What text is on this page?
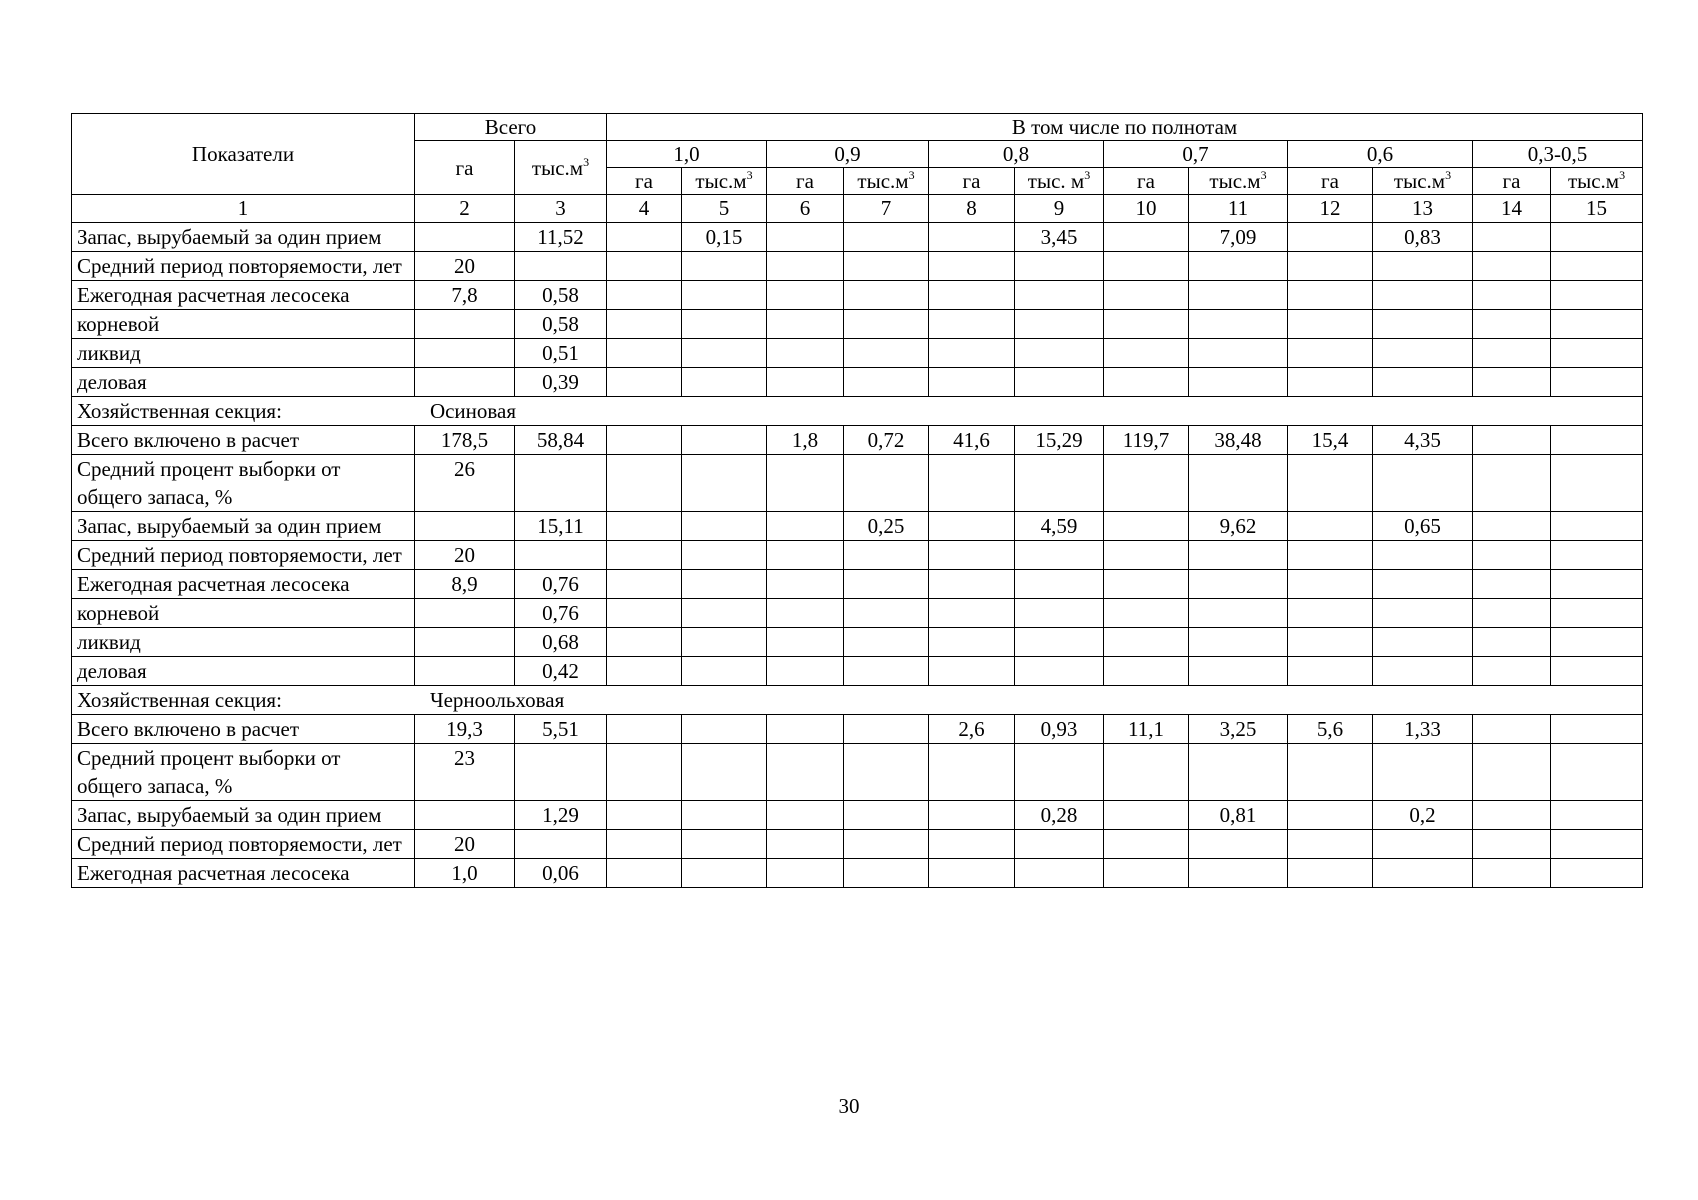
Показатели	Всего		В том числе по полнотам											
	га	$тыс.м^3$	1,0		0,9		0,8		0,7		0,6		0,3-0,5	
			га	$тыс.м^3$	га	$тыс.м^3$	га	тыс. $м^3$	га	$тыс.м^3$	га	$тыс.м^3$	га	$тыс.м^3$
1	2	3	4	5	6	7	8	9	10	11	12	13	14	15
Запас, вырубаемый за один прием		11,52		0,15				3,45		7,09		0,83		
Средний период повторяемости, лет	20													
Ежегодная расчетная лесосека	7,8	0,58												
корневой		0,58												
ликвид		0,51												
деловая		0,39												
Хозяйственная секция: Осиновая														
Всего включено в расчет	178,5	58,84			1,8	0,72	41,6	15,29	119,7	38,48	15,4	4,35		
Средний процент выборки от общего запаса, %	26													
Запас, вырубаемый за один прием		15,11				0,25		4,59		9,62		0,65		
Средний период повторяемости, лет	20													
Ежегодная расчетная лесосека	8,9	0,76												
корневой		0,76												
ликвид		0,68												
деловая		0,42												
Хозяйственная секция: Черноольховая														
Всего включено в расчет	19,3	5,51					2,6	0,93	11,1	3,25	5,6	1,33		
Средний процент выборки от общего запаса, %	23													
Запас, вырубаемый за один прием		1,29						0,28		0,81		0,2		
Средний период повторяемости, лет	20													
Ежегодная расчетная лесосека	1,0	0,06												
30
